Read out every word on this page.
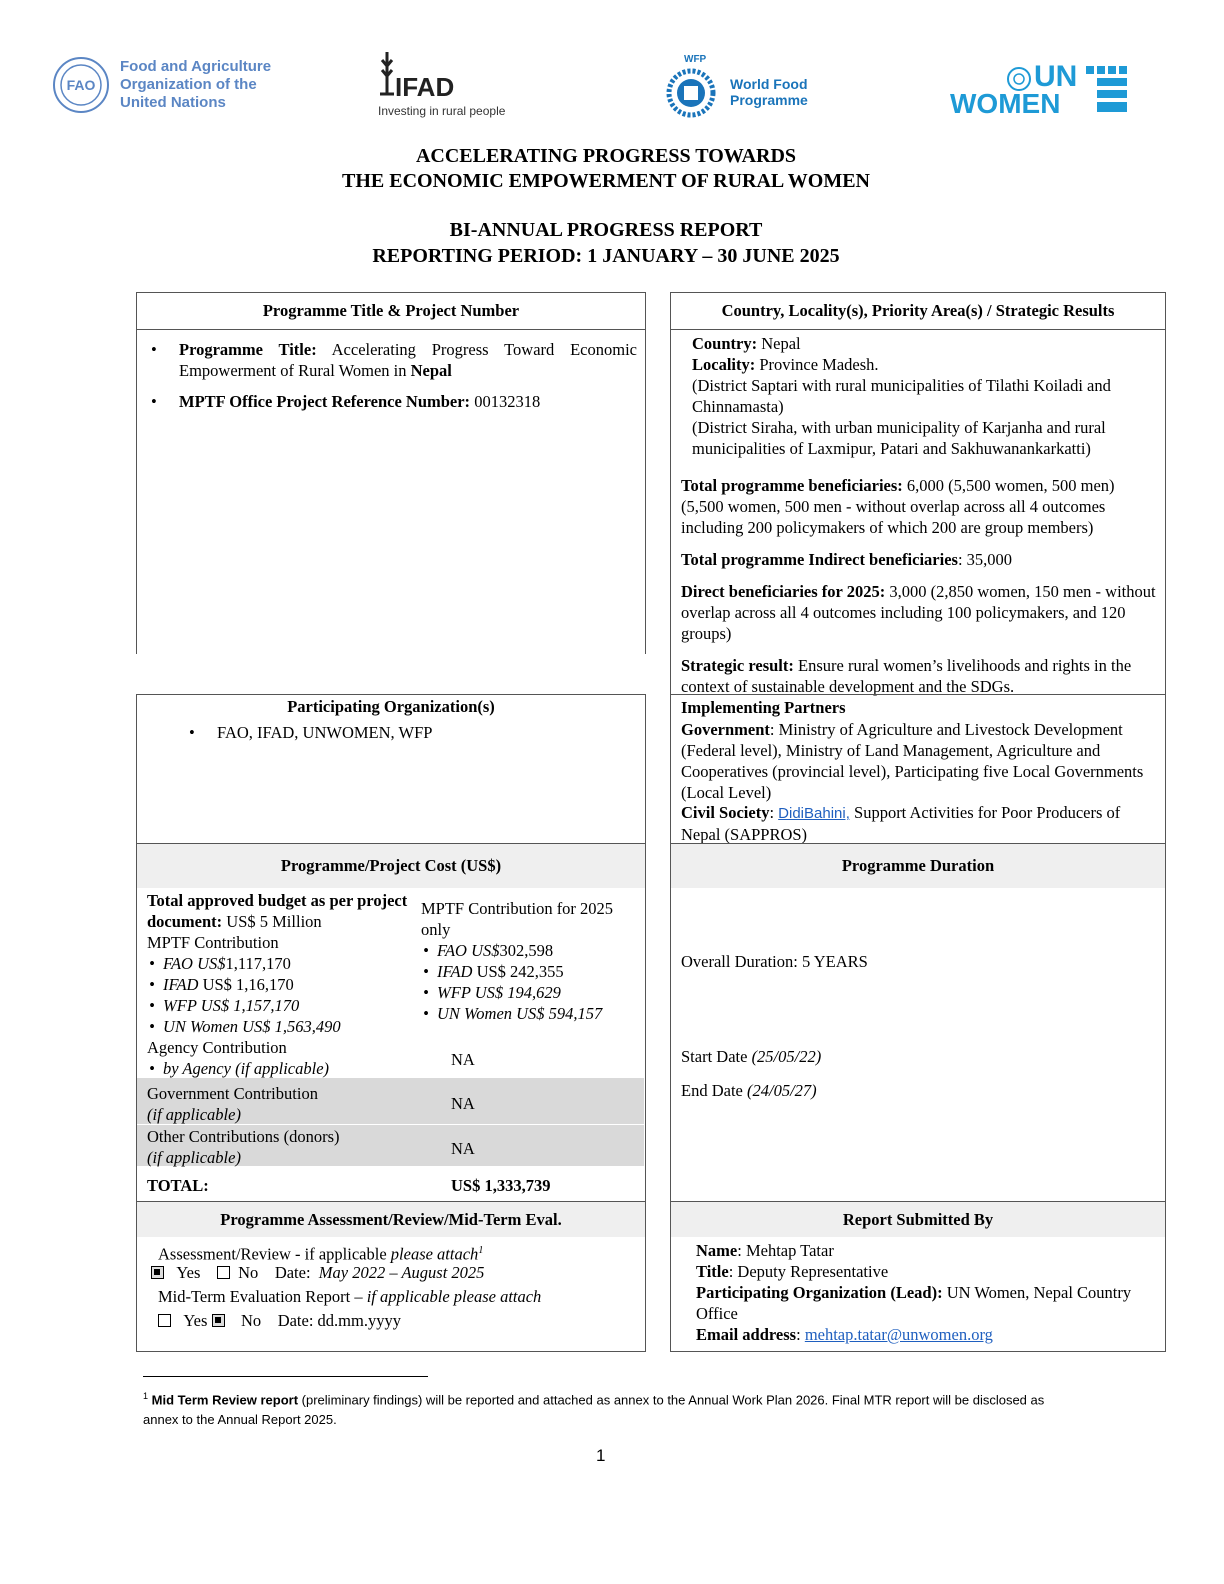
FAO
Food and Agriculture
Organization of the
United Nations
IFAD
Investing in rural people
WFP
World Food
Programme
UN
WOMEN
ACCELERATING PROGRESS TOWARDS
THE ECONOMIC EMPOWERMENT OF RURAL WOMEN
BI-ANNUAL PROGRESS REPORT
REPORTING PERIOD: 1 JANUARY – 30 JUNE 2025
Programme Title & Project Number
• Programme Title: Accelerating Progress Toward Economic Empowerment of Rural Women in Nepal
• MPTF Office Project Reference Number: 00132318
Country, Locality(s), Priority Area(s) / Strategic Results
Country: Nepal
Locality: Province Madesh.
(District Saptari with rural municipalities of Tilathi Koiladi and Chinnamasta)
(District Siraha, with urban municipality of Karjanha and rural municipalities of Laxmipur, Patari and Sakhuwanankarkatti)
Total programme beneficiaries: 6,000 (5,500 women, 500 men) (5,500 women, 500 men - without overlap across all 4 outcomes including 200 policymakers of which 200 are group members)
Total programme Indirect beneficiaries: 35,000
Direct beneficiaries for 2025: 3,000 (2,850 women, 150 men - without overlap across all 4 outcomes including 100 policymakers, and 120 groups)
Strategic result: Ensure rural women’s livelihoods and rights in the context of sustainable development and the SDGs.
Participating Organization(s)
• FAO, IFAD, UNWOMEN, WFP
Implementing Partners
Government: Ministry of Agriculture and Livestock Development (Federal level), Ministry of Land Management, Agriculture and Cooperatives (provincial level), Participating five Local Governments (Local Level)
Civil Society: DidiBahini, Support Activities for Poor Producers of Nepal (SAPPROS)
Programme/Project Cost (US$)
Total approved budget as per project document: US$ 5 Million
MPTF Contribution
• FAO US$1,117,170
• IFAD US$ 1,16,170
• WFP US$ 1,157,170
• UN Women US$ 1,563,490
Agency Contribution
• by Agency (if applicable)
MPTF Contribution for 2025 only
• FAO US$302,598
• IFAD US$ 242,355
• WFP US$ 194,629
• UN Women US$ 594,157
NA
Government Contribution
(if applicable)
NA
Other Contributions (donors)
(if applicable)	NA
TOTAL:	US$ 1,333,739
Programme Duration
Overall Duration: 5 YEARS
Start Date (25/05/22)
End Date (24/05/27)
Programme Assessment/Review/Mid-Term Eval.
Assessment/Review - if applicable please attach$^1$
Yes No Date: May 2022 – August 2025
Mid-Term Evaluation Report – if applicable please attach
Yes No Date: dd.mm.yyyy
Report Submitted By
Name: Mehtap Tatar
Title: Deputy Representative
Participating Organization (Lead): UN Women, Nepal Country Office
Email address: mehtap.tatar@unwomen.org
$^1$ Mid Term Review report (preliminary findings) will be reported and attached as annex to the Annual Work Plan 2026. Final MTR report will be disclosed as annex to the Annual Report 2025.
1
